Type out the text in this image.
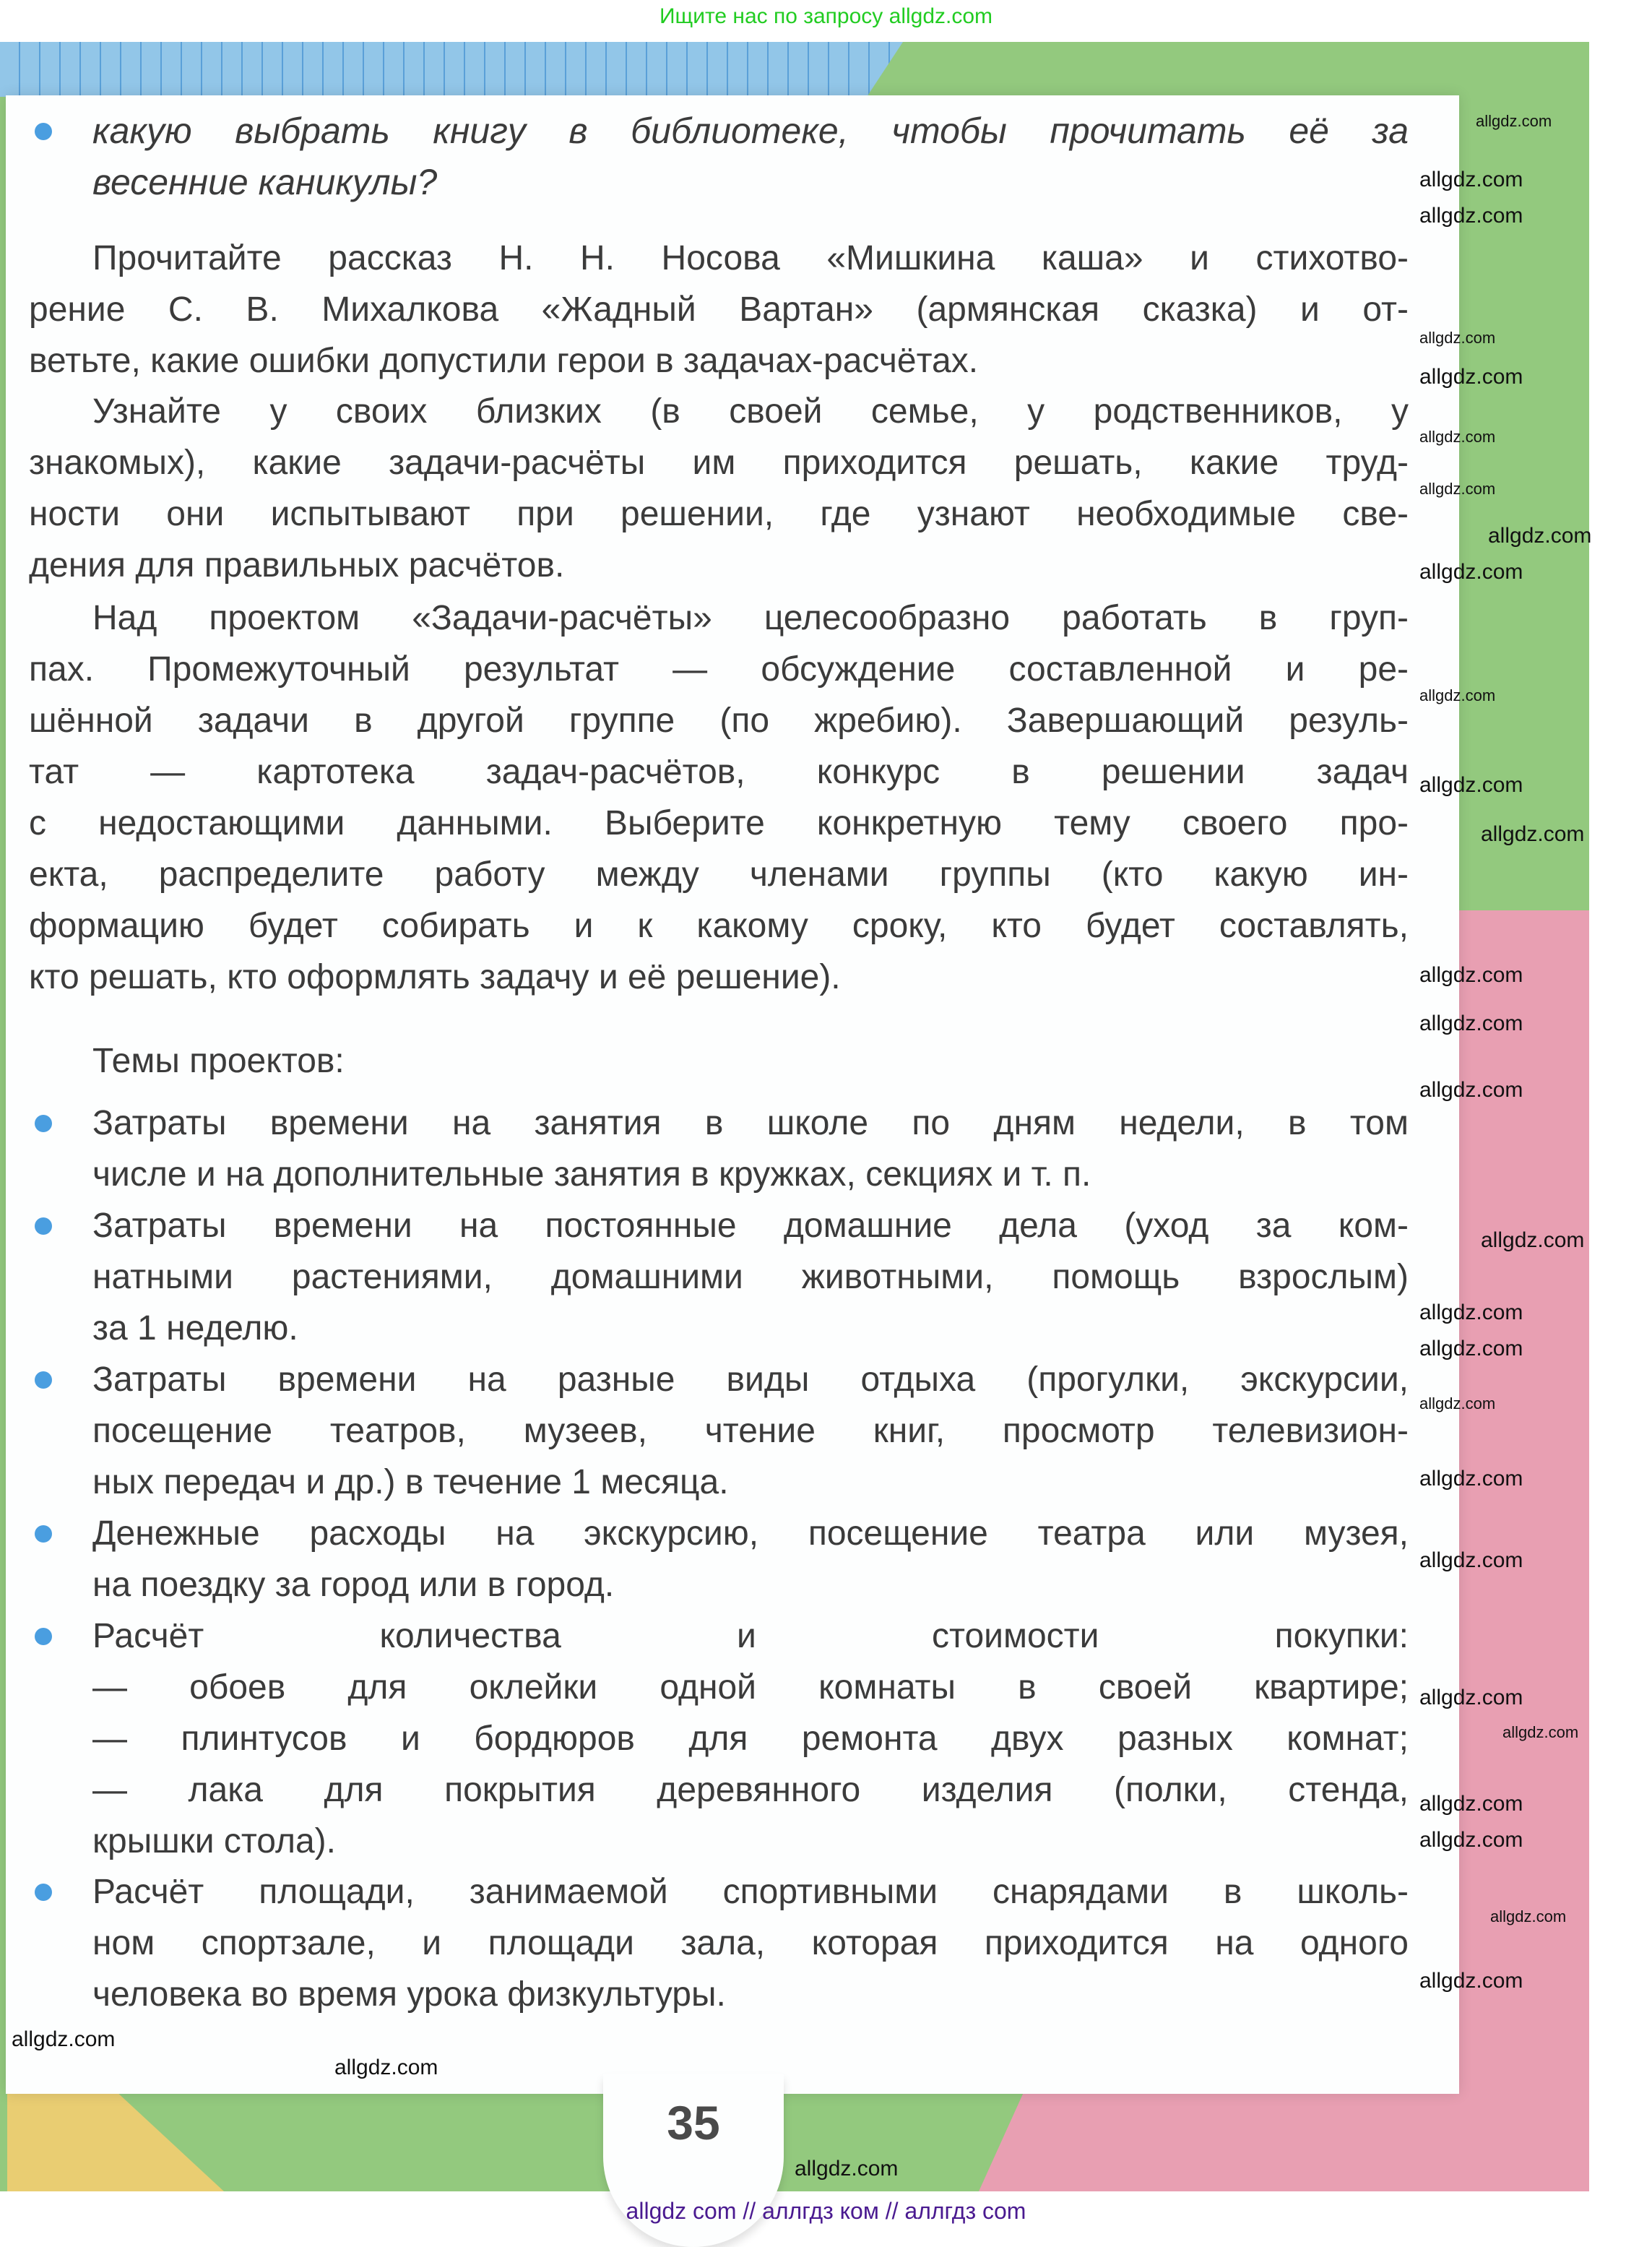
Ищите нас по запросу allgdz.com
35
какую выбрать книгу в библиотеке, чтобы прочитать её за
весенние каникулы?
Прочитайте рассказ Н. Н. Носова «Мишкина каша» и стихотво-
рение С. В. Михалкова «Жадный Вартан» (армянская сказка) и от-
ветьте, какие ошибки допустили герои в задачах-расчётах.
Узнайте у своих близких (в своей семье, у родственников, у
знакомых), какие задачи-расчёты им приходится решать, какие труд-
ности они испытывают при решении, где узнают необходимые све-
дения для правильных расчётов.
Над проектом «Задачи-расчёты» целесообразно работать в груп-
пах. Промежуточный результат — обсуждение составленной и ре-
шённой задачи в другой группе (по жребию). Завершающий резуль-
тат — картотека задач-расчётов, конкурс в решении задач
с недостающими данными. Выберите конкретную тему своего про-
екта, распределите работу между членами группы (кто какую ин-
формацию будет собирать и к какому сроку, кто будет составлять,
кто решать, кто оформлять задачу и её решение).
Темы проектов:
Затраты времени на занятия в школе по дням недели, в том
числе и на дополнительные занятия в кружках, секциях и т. п.
Затраты времени на постоянные домашние дела (уход за ком-
натными растениями, домашними животными, помощь взрослым)
за 1 неделю.
Затраты времени на разные виды отдыха (прогулки, экскурсии,
посещение театров, музеев, чтение книг, просмотр телевизион-
ных передач и др.) в течение 1 месяца.
Денежные расходы на экскурсию, посещение театра или музея,
на поездку за город или в город.
Расчёт количества и стоимости покупки:
— обоев для оклейки одной комнаты в своей квартире;
— плинтусов и бордюров для ремонта двух разных комнат;
— лака для покрытия деревянного изделия (полки, стенда,
крышки стола).
Расчёт площади, занимаемой спортивными снарядами в школь-
ном спортзале, и площади зала, которая приходится на одного
человека во время урока физкультуры.
allgdz.com
allgdz.com
allgdz.com
allgdz.com
allgdz.com
allgdz.com
allgdz.com
allgdz.com
allgdz.com
allgdz.com
allgdz.com
allgdz.com
allgdz.com
allgdz.com
allgdz.com
allgdz.com
allgdz.com
allgdz.com
allgdz.com
allgdz.com
allgdz.com
allgdz.com
allgdz.com
allgdz.com
allgdz.com
allgdz.com
allgdz.com
allgdz.com
allgdz.com
allgdz.com
allgdz com // аллгдз ком // аллгдз com
